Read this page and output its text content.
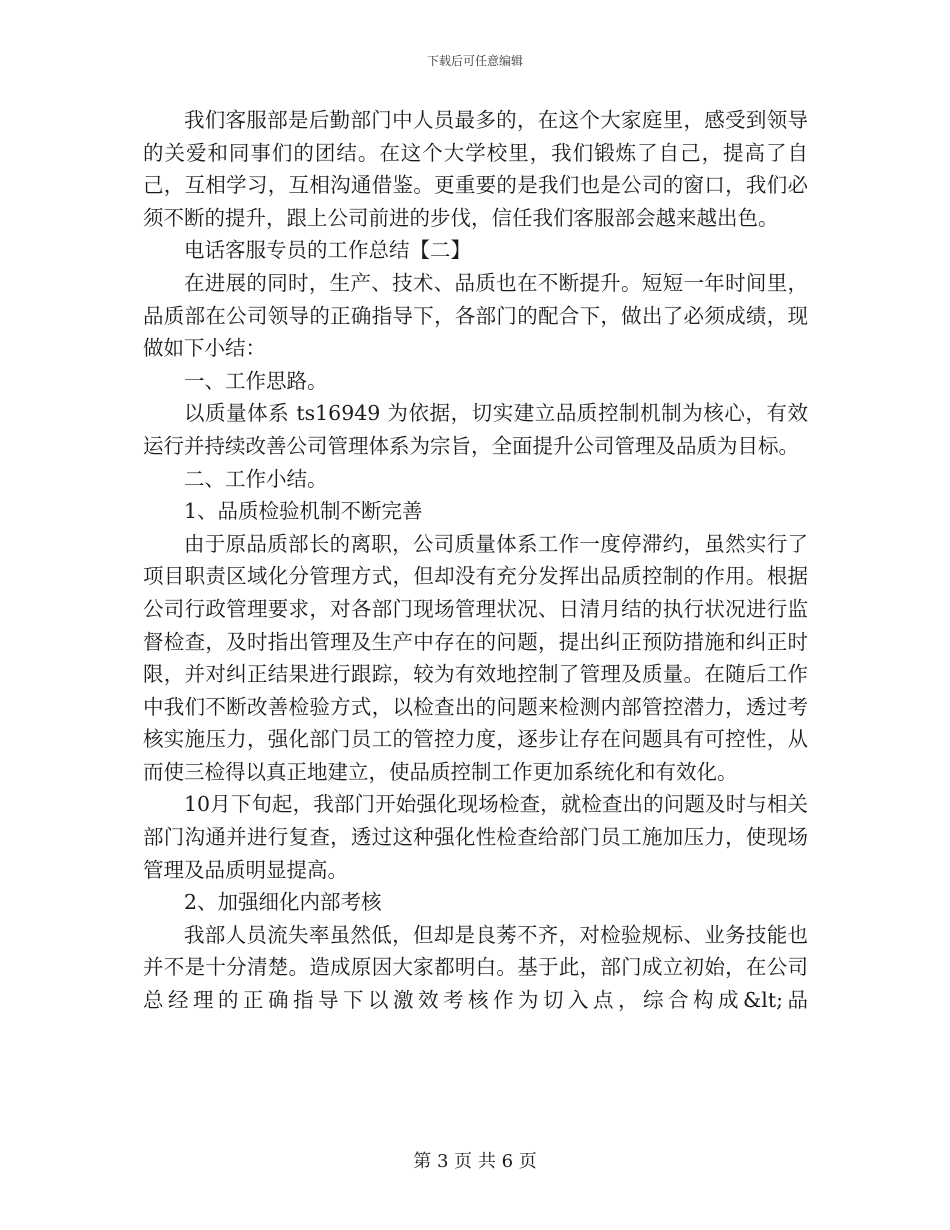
下载后可任意编辑

我们客服部是后勤部门中人员最多的，在这个大家庭里，感受到领导的关爱和同事们的团结。在这个大学校里，我们锻炼了自己，提高了自己，互相学习，互相沟通借鉴。更重要的是我们也是公司的窗口，我们必须不断的提升，跟上公司前进的步伐，信任我们客服部会越来越出色。

电话客服专员的工作总结【二】

在进展的同时，生产、技术、品质也在不断提升。短短一年时间里，品质部在公司领导的正确指导下，各部门的配合下，做出了必须成绩，现做如下小结：

一、工作思路。

以质量体系 ts16949 为依据，切实建立品质控制机制为核心，有效运行并持续改善公司管理体系为宗旨，全面提升公司管理及品质为目标。

二、工作小结。

1、品质检验机制不断完善

由于原品质部长的离职，公司质量体系工作一度停滞约，虽然实行了项目职责区域化分管理方式，但却没有充分发挥出品质控制的作用。根据公司行政管理要求，对各部门现场管理状况、日清月结的执行状况进行监督检查，及时指出管理及生产中存在的问题，提出纠正预防措施和纠正时限，并对纠正结果进行跟踪，较为有效地控制了管理及质量。在随后工作中我们不断改善检验方式，以检查出的问题来检测内部管控潜力，透过考核实施压力，强化部门员工的管控力度，逐步让存在问题具有可控性，从而使三检得以真正地建立，使品质控制工作更加系统化和有效化。

10月下旬起，我部门开始强化现场检查，就检查出的问题及时与相关部门沟通并进行复查，透过这种强化性检查给部门员工施加压力，使现场管理及品质明显提高。

2、加强细化内部考核

我部人员流失率虽然低，但却是良莠不齐，对检验规标、业务技能也并不是十分清楚。造成原因大家都明白。基于此，部门成立初始，在公司总经理的正确指导下以激效考核作为切入点，综合构成&lt;品

第 3 页 共 6 页
